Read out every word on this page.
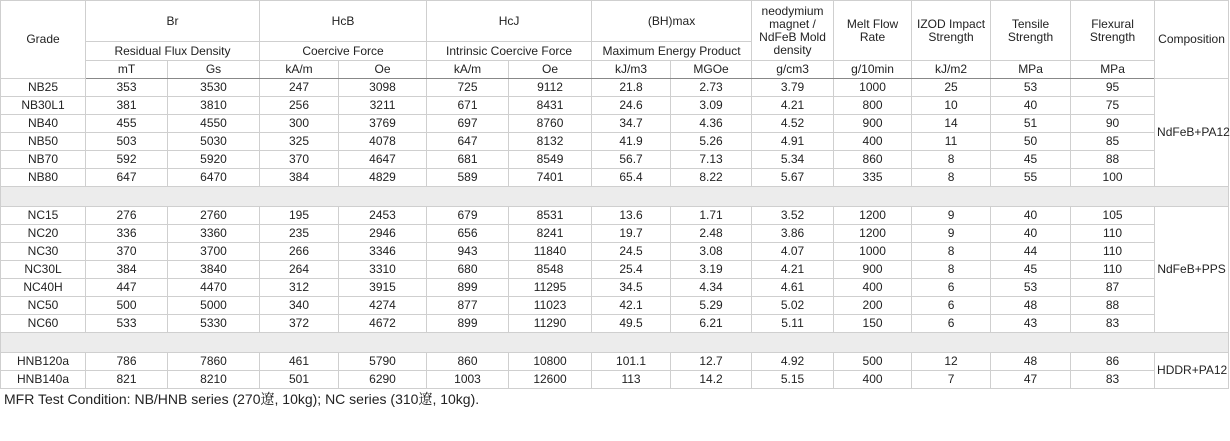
Grade	Br		HcB		HcJ		(BH)max		neodymium magnet / NdFeB Mold density	Melt Flow Rate	IZOD Impact Strength	Tensile Strength	Flexural Strength	Composition
	Residual Flux Density		Coercive Force		Intrinsic Coercive Force		Maximum Energy Product							
	mT	Gs	kA/m	Oe	kA/m	Oe	kJ/m3	MGOe	g/cm3	g/10min	kJ/m2	MPa	MPa	
NB25	353	3530	247	3098	725	9112	21.8	2.73	3.79	1000	25	53	95	NdFeB+PA12
NB30L1	381	3810	256	3211	671	8431	24.6	3.09	4.21	800	10	40	75	
NB40	455	4550	300	3769	697	8760	34.7	4.36	4.52	900	14	51	90	
NB50	503	5030	325	4078	647	8132	41.9	5.26	4.91	400	11	50	85	
NB70	592	5920	370	4647	681	8549	56.7	7.13	5.34	860	8	45	88	
NB80	647	6470	384	4829	589	7401	65.4	8.22	5.67	335	8	55	100	

NC15	276	2760	195	2453	679	8531	13.6	1.71	3.52	1200	9	40	105	NdFeB+PPS
NC20	336	3360	235	2946	656	8241	19.7	2.48	3.86	1200	9	40	110	
NC30	370	3700	266	3346	943	11840	24.5	3.08	4.07	1000	8	44	110	
NC30L	384	3840	264	3310	680	8548	25.4	3.19	4.21	900	8	45	110	
NC40H	447	4470	312	3915	899	11295	34.5	4.34	4.61	400	6	53	87	
NC50	500	5000	340	4274	877	11023	42.1	5.29	5.02	200	6	48	88	
NC60	533	5330	372	4672	899	11290	49.5	6.21	5.11	150	6	43	83	

HNB120a	786	7860	461	5790	860	10800	101.1	12.7	4.92	500	12	48	86	HDDR+PA12
HNB140a	821	8210	501	6290	1003	12600	113	14.2	5.15	400	7	47	83	
MFR Test Condition: NB/HNB series (270遼, 10kg); NC series (310遼, 10kg).
